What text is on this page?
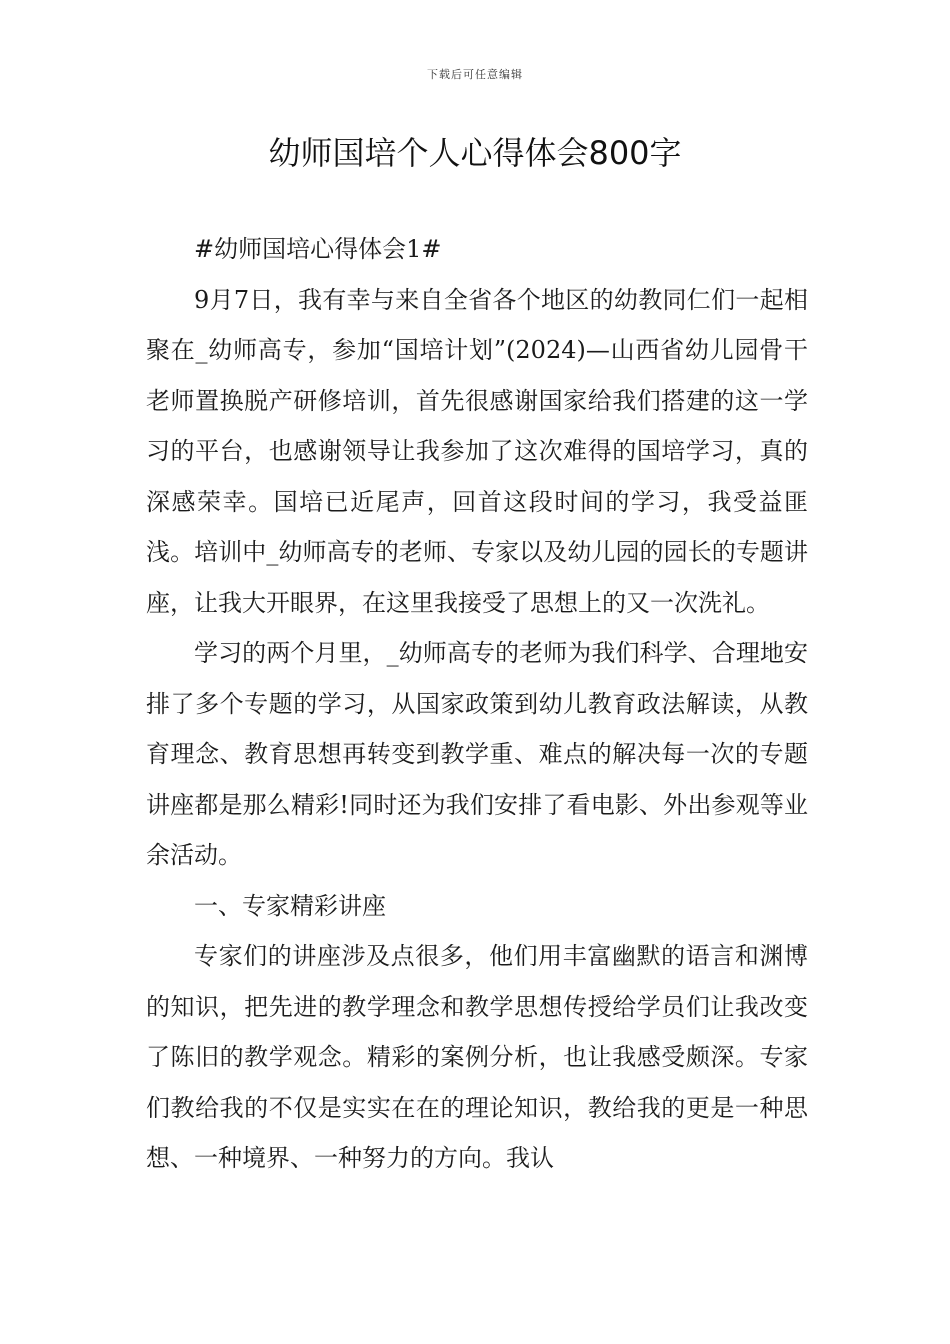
下载后可任意编辑
幼师国培个人心得体会800字

#幼师国培心得体会1#

9月7日，我有幸与来自全省各个地区的幼教同仁们一起相聚在_幼师高专，参加“国培计划”(2024)—山西省幼儿园骨干老师置换脱产研修培训，首先很感谢国家给我们搭建的这一学习的平台，也感谢领导让我参加了这次难得的国培学习，真的深感荣幸。国培已近尾声，回首这段时间的学习，我受益匪浅。培训中_幼师高专的老师、专家以及幼儿园的园长的专题讲座，让我大开眼界，在这里我接受了思想上的又一次洗礼。

学习的两个月里，_幼师高专的老师为我们科学、合理地安排了多个专题的学习，从国家政策到幼儿教育政法解读，从教育理念、教育思想再转变到教学重、难点的解决每一次的专题讲座都是那么精彩!同时还为我们安排了看电影、外出参观等业余活动。

一、专家精彩讲座

专家们的讲座涉及点很多，他们用丰富幽默的语言和渊博的知识，把先进的教学理念和教学思想传授给学员们让我改变了陈旧的教学观念。精彩的案例分析，也让我感受颇深。专家们教给我的不仅是实实在在的理论知识，教给我的更是一种思想、一种境界、一种努力的方向。我认
